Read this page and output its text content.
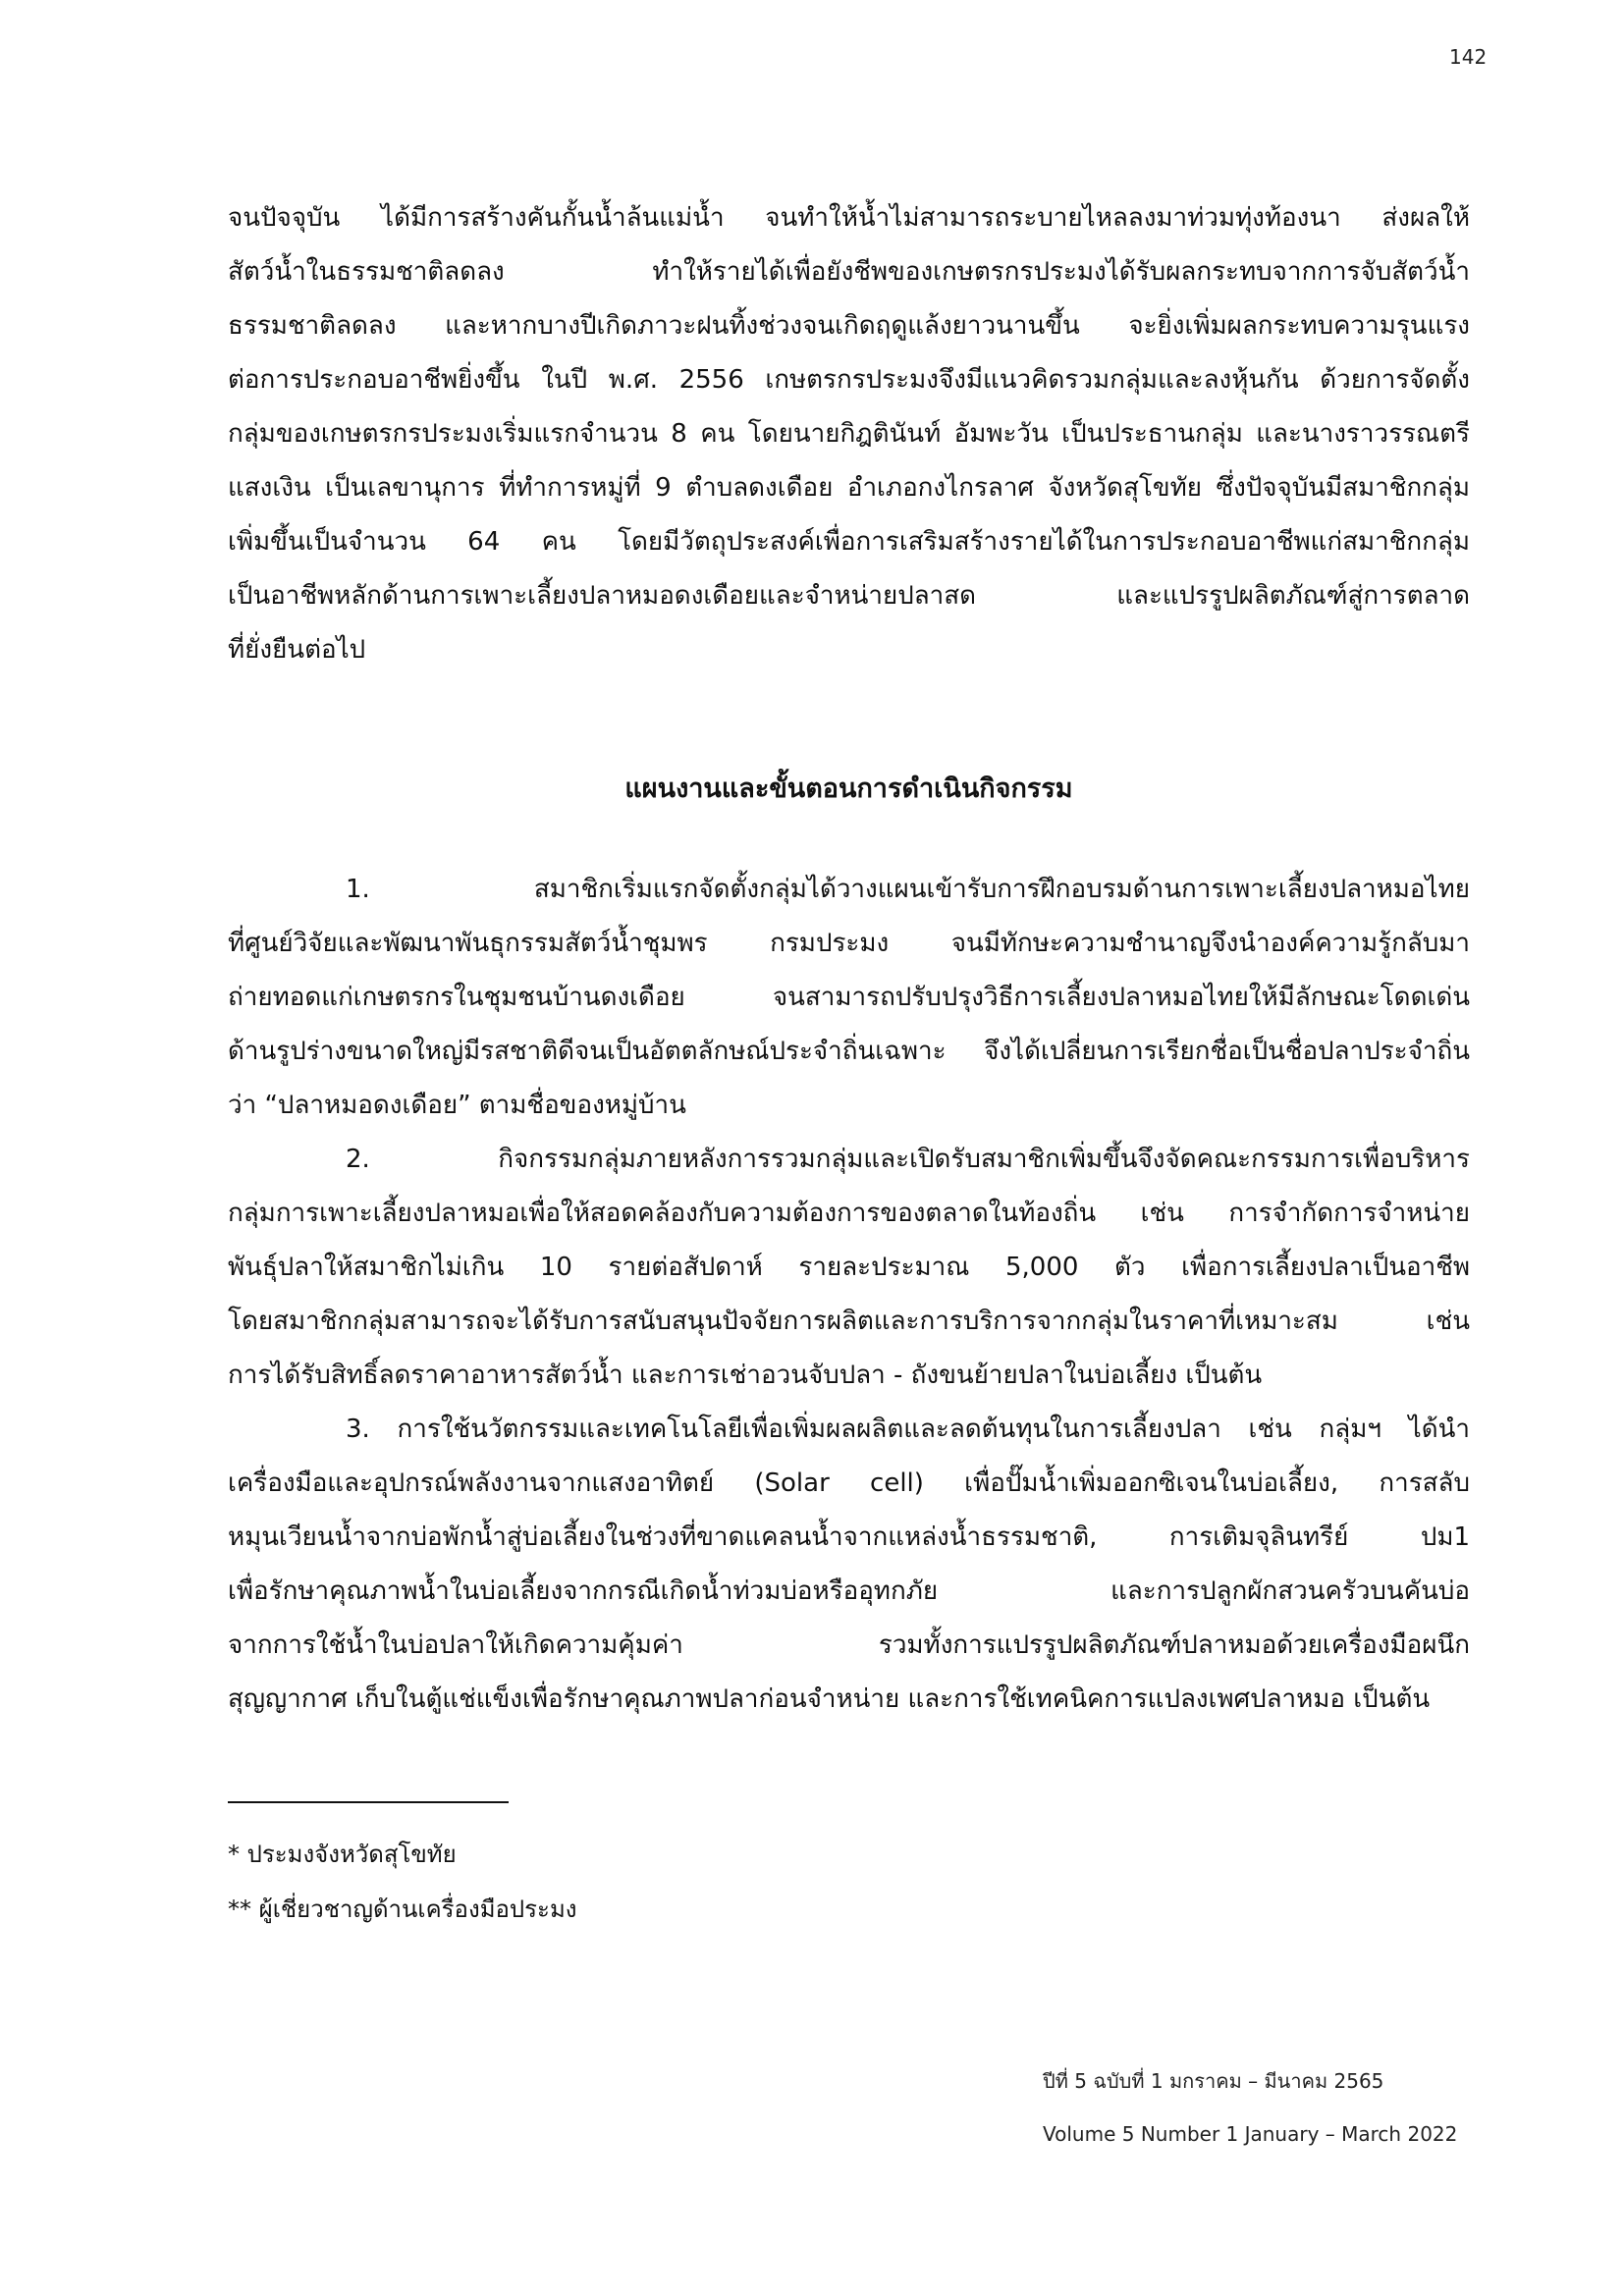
142
จนปัจจุบัน ได้มีการสร้างคันกั้นน้ำล้นแม่น้ำ จนทำให้น้ำไม่สามารถระบายไหลลงมาท่วมทุ่งท้องนา ส่งผลให้
สัตว์น้ำในธรรมชาติลดลง ทำให้รายได้เพื่อยังชีพของเกษตรกรประมงได้รับผลกระทบจากการจับสัตว์น้ำ
ธรรมชาติลดลง และหากบางปีเกิดภาวะฝนทิ้งช่วงจนเกิดฤดูแล้งยาวนานขึ้น จะยิ่งเพิ่มผลกระทบความรุนแรง
ต่อการประกอบอาชีพยิ่งขึ้น ในปี พ.ศ. 2556 เกษตรกรประมงจึงมีแนวคิดรวมกลุ่มและลงหุ้นกัน ด้วยการจัดตั้ง
กลุ่มของเกษตรกรประมงเริ่มแรกจำนวน 8 คน โดยนายกิฎตินันท์ อัมพะวัน เป็นประธานกลุ่ม และนางราวรรณตรี
แสงเงิน เป็นเลขานุการ ที่ทำการหมู่ที่ 9 ตำบลดงเดือย อำเภอกงไกรลาศ จังหวัดสุโขทัย ซึ่งปัจจุบันมีสมาชิกกลุ่ม
เพิ่มขึ้นเป็นจำนวน 64 คน โดยมีวัตถุประสงค์เพื่อการเสริมสร้างรายได้ในการประกอบอาชีพแก่สมาชิกกลุ่ม
เป็นอาชีพหลักด้านการเพาะเลี้ยงปลาหมอดงเดือยและจำหน่ายปลาสด และแปรรูปผลิตภัณฑ์สู่การตลาด
ที่ยั่งยืนต่อไป
แผนงานและขั้นตอนการดำเนินกิจกรรม
1. สมาชิกเริ่มแรกจัดตั้งกลุ่มได้วางแผนเข้ารับการฝึกอบรมด้านการเพาะเลี้ยงปลาหมอไทย
ที่ศูนย์วิจัยและพัฒนาพันธุกรรมสัตว์น้ำชุมพร กรมประมง จนมีทักษะความชำนาญจึงนำองค์ความรู้กลับมา
ถ่ายทอดแก่เกษตรกรในชุมชนบ้านดงเดือย จนสามารถปรับปรุงวิธีการเลี้ยงปลาหมอไทยให้มีลักษณะโดดเด่น
ด้านรูปร่างขนาดใหญ่มีรสชาติดีจนเป็นอัตตลักษณ์ประจำถิ่นเฉพาะ จึงได้เปลี่ยนการเรียกชื่อเป็นชื่อปลาประจำถิ่น
ว่า “ปลาหมอดงเดือย” ตามชื่อของหมู่บ้าน
2. กิจกรรมกลุ่มภายหลังการรวมกลุ่มและเปิดรับสมาชิกเพิ่มขึ้นจึงจัดคณะกรรมการเพื่อบริหาร
กลุ่มการเพาะเลี้ยงปลาหมอเพื่อให้สอดคล้องกับความต้องการของตลาดในท้องถิ่น เช่น การจำกัดการจำหน่าย
พันธุ์ปลาให้สมาชิกไม่เกิน 10 รายต่อสัปดาห์ รายละประมาณ 5,000 ตัว เพื่อการเลี้ยงปลาเป็นอาชีพ
โดยสมาชิกกลุ่มสามารถจะได้รับการสนับสนุนปัจจัยการผลิตและการบริการจากกลุ่มในราคาที่เหมาะสม เช่น
การได้รับสิทธิ์ลดราคาอาหารสัตว์น้ำ และการเช่าอวนจับปลา - ถังขนย้ายปลาในบ่อเลี้ยง เป็นต้น
3. การใช้นวัตกรรมและเทคโนโลยีเพื่อเพิ่มผลผลิตและลดต้นทุนในการเลี้ยงปลา เช่น กลุ่มฯ ได้นำ
เครื่องมือและอุปกรณ์พลังงานจากแสงอาทิตย์ (Solar cell) เพื่อปั๊มน้ำเพิ่มออกซิเจนในบ่อเลี้ยง, การสลับ
หมุนเวียนน้ำจากบ่อพักน้ำสู่บ่อเลี้ยงในช่วงที่ขาดแคลนน้ำจากแหล่งน้ำธรรมชาติ, การเติมจุลินทรีย์ ปม1
เพื่อรักษาคุณภาพน้ำในบ่อเลี้ยงจากกรณีเกิดน้ำท่วมบ่อหรืออุทกภัย และการปลูกผักสวนครัวบนคันบ่อ
จากการใช้น้ำในบ่อปลาให้เกิดความคุ้มค่า รวมทั้งการแปรรูปผลิตภัณฑ์ปลาหมอด้วยเครื่องมือผนึก
สุญญากาศ เก็บในตู้แช่แข็งเพื่อรักษาคุณภาพปลาก่อนจำหน่าย และการใช้เทคนิคการแปลงเพศปลาหมอ เป็นต้น
* ประมงจังหวัดสุโขทัย
** ผู้เชี่ยวชาญด้านเครื่องมือประมง
ปีที่ 5 ฉบับที่ 1 มกราคม – มีนาคม 2565
Volume 5 Number 1 January – March 2022
